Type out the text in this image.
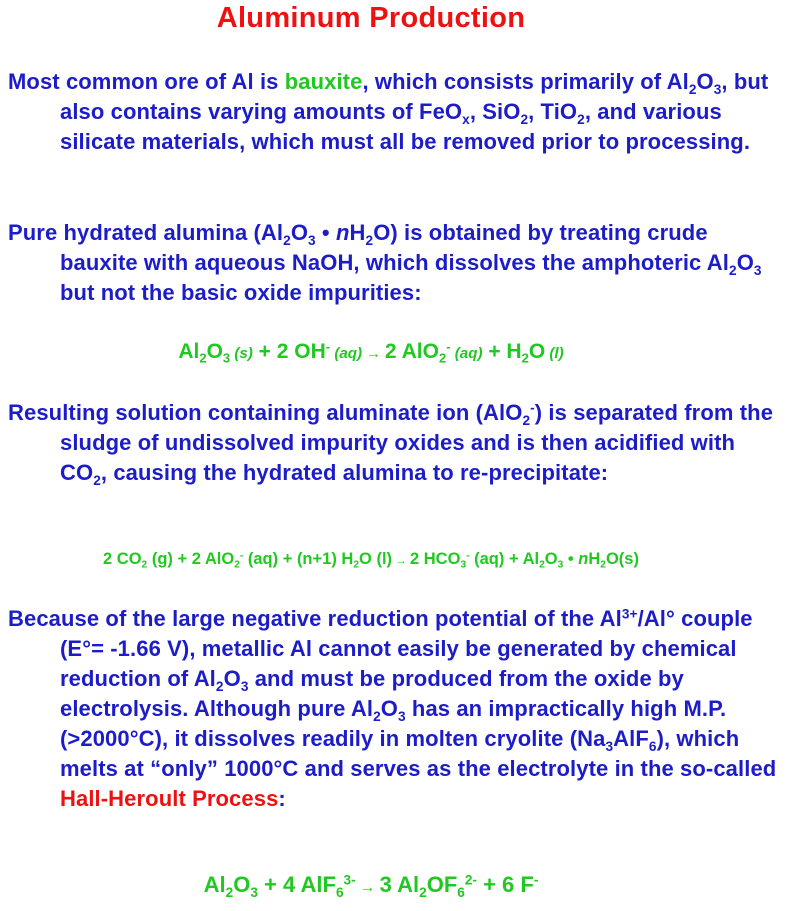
Aluminum Production
Most common ore of Al is bauxite, which consists primarily of $Al_2O_3$, but also contains varying amounts of FeO$_x$, SiO$_2$, TiO$_2$, and various silicate materials, which must all be removed prior to processing.
Pure hydrated alumina ($Al_2O_3$ • $nH_2O$) is obtained by treating crude bauxite with aqueous NaOH, which dissolves the amphoteric $Al_2O_3$ but not the basic oxide impurities:
$Al_2O_3$ (s) + 2 OH- (aq) → 2 AlO$_2$- $(aq) + H_2O$ (l)
Resulting solution containing aluminate ion (AlO$_2$-) is separated from the sludge of undissolved impurity oxides and is then acidified with $CO_2$, causing the hydrated alumina to re-precipitate:
2 $CO_2$ (g) + 2 AlO$_2$- (aq) + (n+1) $H_2O$ (l) → 2 $HCO_3^-$ $(aq) + Al_2O_3$ • $nH_2O(s)$
Because of the large negative reduction potential of the $Al^{3+}/Al^\circ$ couple (E°= -1.66 V), metallic Al cannot easily be generated by chemical reduction of $Al_2O_3$ and must be produced from the oxide by electrolysis. Although pure $Al_2O_3$ has an impractically high M.P. (>2000°C), it dissolves readily in molten cryolite $(Na_3AlF_6)$, which melts at “only” 1000°C and serves as the electrolyte in the so-called Hall-Heroult Process:
$Al_2O_3 + 4$ AlF$_6^{3-}$ → 3 $Al_2OF_6^{2-} + 6$ F-
